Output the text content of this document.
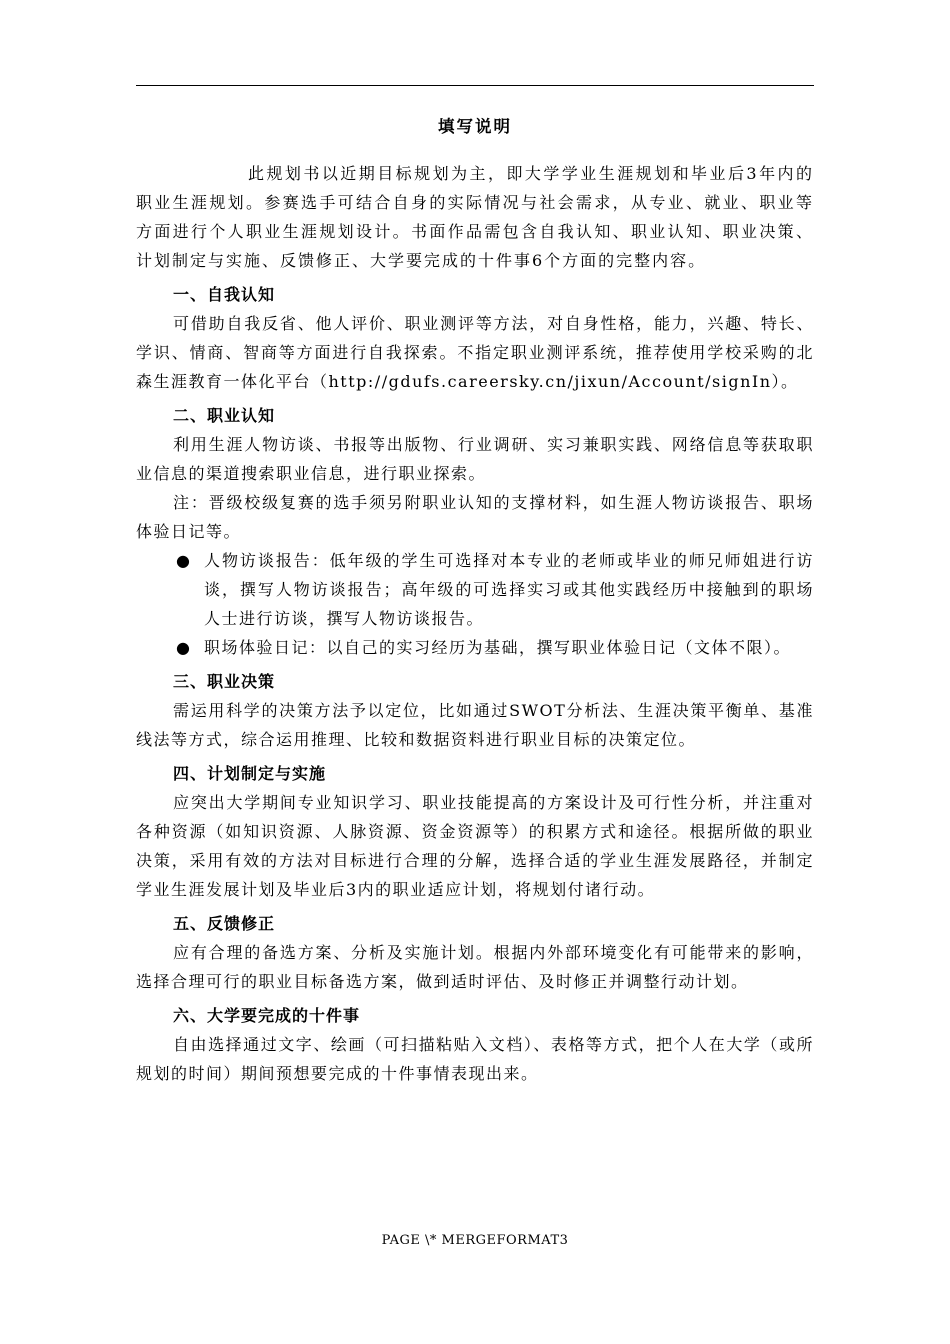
填写说明

此规划书以近期目标规划为主，即大学学业生涯规划和毕业后3年内的职业生涯规划。参赛选手可结合自身的实际情况与社会需求，从专业、就业、职业等方面进行个人职业生涯规划设计。书面作品需包含自我认知、职业认知、职业决策、计划制定与实施、反馈修正、大学要完成的十件事6个方面的完整内容。

一、自我认知

可借助自我反省、他人评价、职业测评等方法，对自身性格，能力，兴趣、特长、学识、情商、智商等方面进行自我探索。不指定职业测评系统，推荐使用学校采购的北森生涯教育一体化平台（http://gdufs.careersky.cn/jixun/Account/signIn）。

二、职业认知

利用生涯人物访谈、书报等出版物、行业调研、实习兼职实践、网络信息等获取职业信息的渠道搜索职业信息，进行职业探索。

注：晋级校级复赛的选手须另附职业认知的支撑材料，如生涯人物访谈报告、职场体验日记等。

● 人物访谈报告：低年级的学生可选择对本专业的老师或毕业的师兄师姐进行访谈，撰写人物访谈报告；高年级的可选择实习或其他实践经历中接触到的职场人士进行访谈，撰写人物访谈报告。

● 职场体验日记：以自己的实习经历为基础，撰写职业体验日记（文体不限）。

三、职业决策

需运用科学的决策方法予以定位，比如通过SWOT分析法、生涯决策平衡单、基准线法等方式，综合运用推理、比较和数据资料进行职业目标的决策定位。

四、计划制定与实施

应突出大学期间专业知识学习、职业技能提高的方案设计及可行性分析，并注重对各种资源（如知识资源、人脉资源、资金资源等）的积累方式和途径。根据所做的职业决策，采用有效的方法对目标进行合理的分解，选择合适的学业生涯发展路径，并制定学业生涯发展计划及毕业后3内的职业适应计划，将规划付诸行动。

五、反馈修正

应有合理的备选方案、分析及实施计划。根据内外部环境变化有可能带来的影响，选择合理可行的职业目标备选方案，做到适时评估、及时修正并调整行动计划。

六、大学要完成的十件事

自由选择通过文字、绘画（可扫描粘贴入文档）、表格等方式，把个人在大学（或所规划的时间）期间预想要完成的十件事情表现出来。

PAGE \* MERGEFORMAT3
